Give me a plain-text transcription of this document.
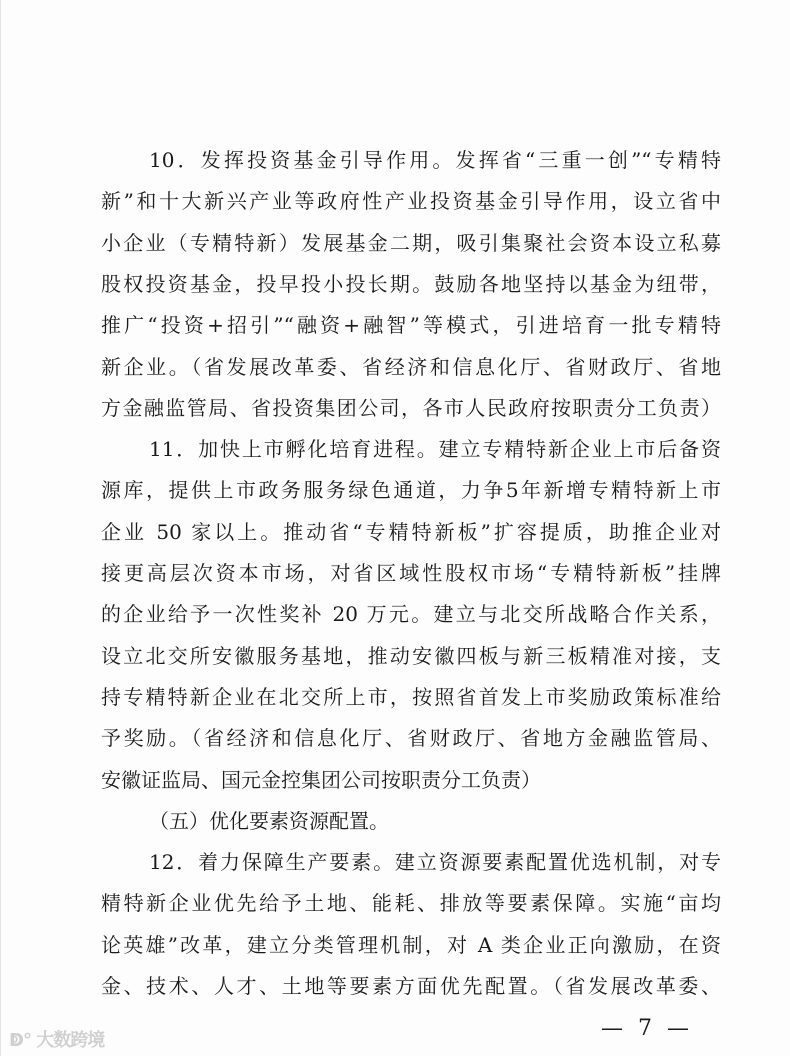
10．发挥投资基金引导作用。发挥省“三重一创”“专精特
新”和十大新兴产业等政府性产业投资基金引导作用，设立省中
小企业（专精特新）发展基金二期，吸引集聚社会资本设立私募
股权投资基金，投早投小投长期。鼓励各地坚持以基金为纽带，
推广“投资+招引”“融资+融智”等模式，引进培育一批专精特
新企业。（省发展改革委、省经济和信息化厅、省财政厅、省地
方金融监管局、省投资集团公司，各市人民政府按职责分工负责）
11．加快上市孵化培育进程。建立专精特新企业上市后备资
源库，提供上市政务服务绿色通道，力争5年新增专精特新上市
企业 50 家以上。推动省“专精特新板”扩容提质，助推企业对
接更高层次资本市场，对省区域性股权市场“专精特新板”挂牌
的企业给予一次性奖补 20 万元。建立与北交所战略合作关系，
设立北交所安徽服务基地，推动安徽四板与新三板精准对接，支
持专精特新企业在北交所上市，按照省首发上市奖励政策标准给
予奖励。（省经济和信息化厅、省财政厅、省地方金融监管局、
安徽证监局、国元金控集团公司按职责分工负责）
（五）优化要素资源配置。
12．着力保障生产要素。建立资源要素配置优选机制，对专
精特新企业优先给予土地、能耗、排放等要素保障。实施“亩均
论英雄”改革，建立分类管理机制，对 A 类企业正向激励，在资
金、技术、人才、土地等要素方面优先配置。（省发展改革委、
— 7 —
ↁ° 大数跨境
